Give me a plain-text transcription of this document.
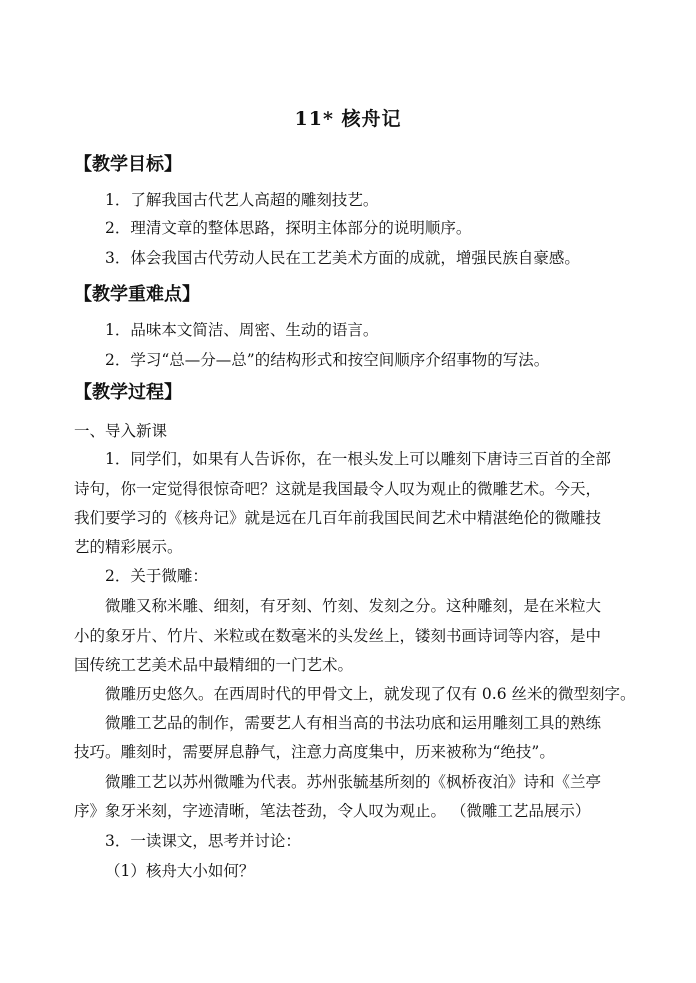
11* 核舟记
【教学目标】
1．了解我国古代艺人高超的雕刻技艺。
2．理清文章的整体思路，探明主体部分的说明顺序。
3．体会我国古代劳动人民在工艺美术方面的成就，增强民族自豪感。
【教学重难点】
1．品味本文简洁、周密、生动的语言。
2．学习“总—分—总”的结构形式和按空间顺序介绍事物的写法。
【教学过程】
一、导入新课
1．同学们，如果有人告诉你，在一根头发上可以雕刻下唐诗三百首的全部
诗句，你一定觉得很惊奇吧？这就是我国最令人叹为观止的微雕艺术。今天，
我们要学习的《核舟记》就是远在几百年前我国民间艺术中精湛绝伦的微雕技
艺的精彩展示。
2．关于微雕：
微雕又称米雕、细刻，有牙刻、竹刻、发刻之分。这种雕刻，是在米粒大
小的象牙片、竹片、米粒或在数毫米的头发丝上，镂刻书画诗词等内容，是中
国传统工艺美术品中最精细的一门艺术。
微雕历史悠久。在西周时代的甲骨文上，就发现了仅有 0.6 丝米的微型刻字。
微雕工艺品的制作，需要艺人有相当高的书法功底和运用雕刻工具的熟练
技巧。雕刻时，需要屏息静气，注意力高度集中，历来被称为“绝技”。
微雕工艺以苏州微雕为代表。苏州张毓基所刻的《枫桥夜泊》诗和《兰亭
序》象牙米刻，字迹清晰，笔法苍劲，令人叹为观止。 （微雕工艺品展示）
3．一读课文，思考并讨论：
（1）核舟大小如何？
